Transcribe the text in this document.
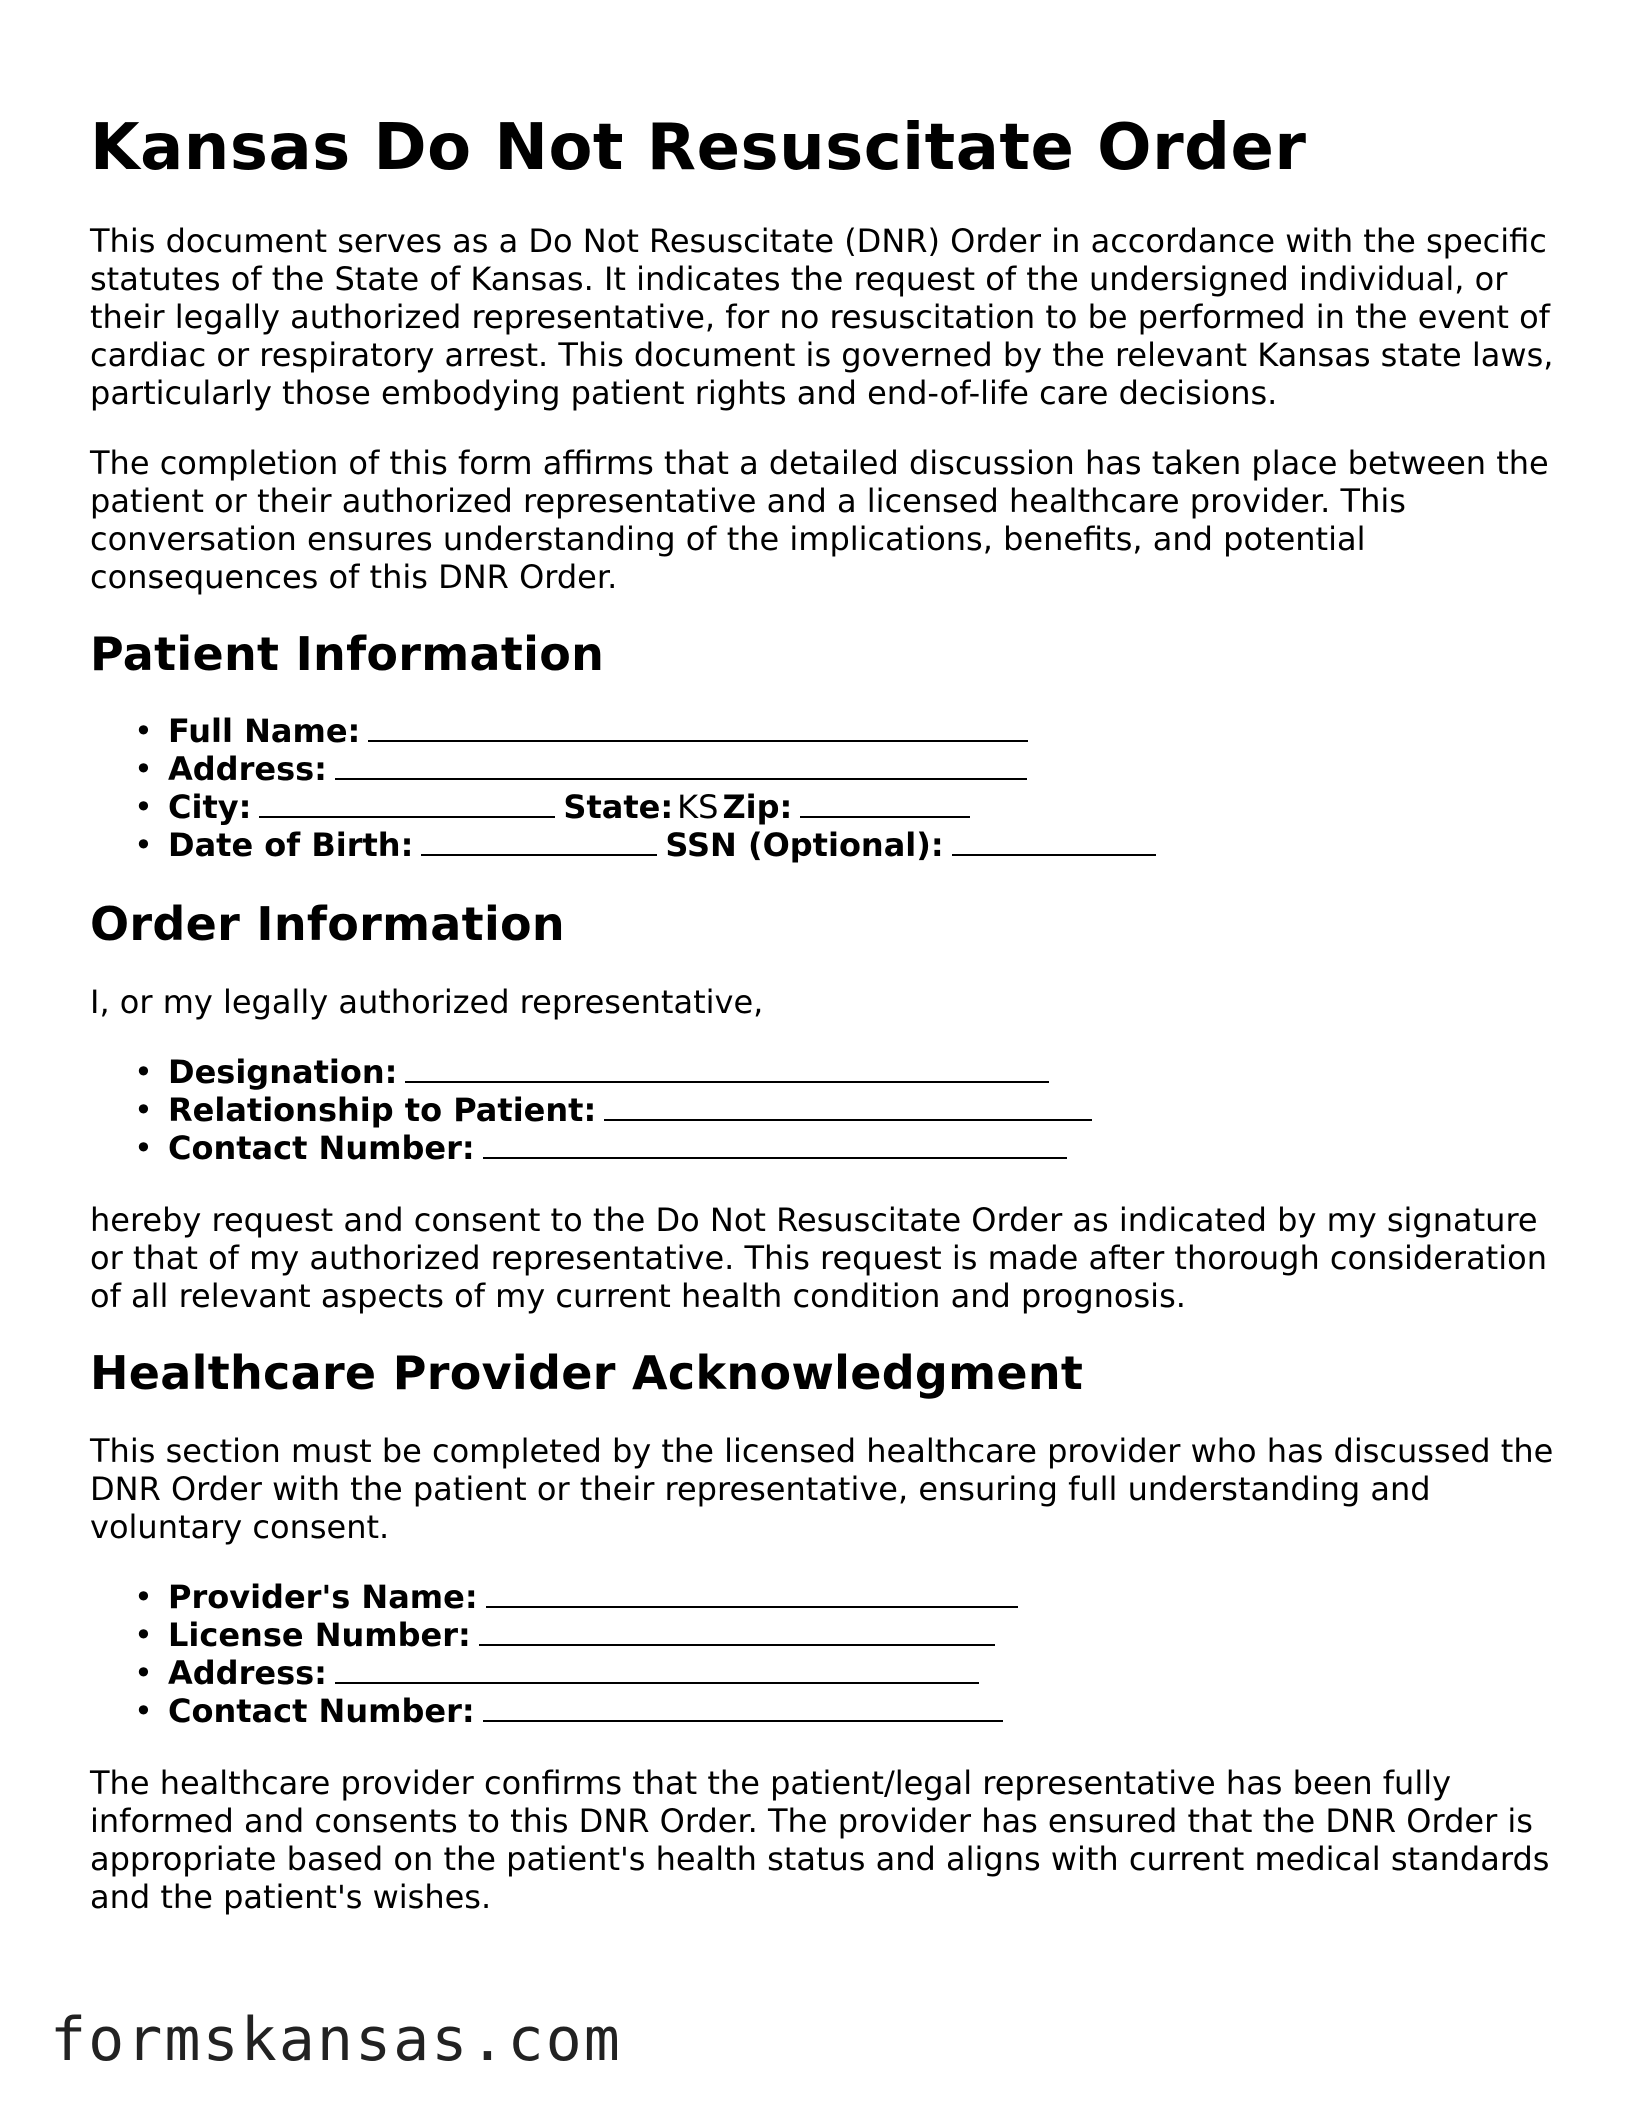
Kansas Do Not Resuscitate Order

This document serves as a Do Not Resuscitate (DNR) Order in accordance with the specific statutes of the State of Kansas. It indicates the request of the undersigned individual, or their legally authorized representative, for no resuscitation to be performed in the event of cardiac or respiratory arrest. This document is governed by the relevant Kansas state laws, particularly those embodying patient rights and end-of-life care decisions.

The completion of this form affirms that a detailed discussion has taken place between the patient or their authorized representative and a licensed healthcare provider. This conversation ensures understanding of the implications, benefits, and potential consequences of this DNR Order.

Patient Information
• Full Name:
• Address:
• City:	State: KS Zip:
• Date of Birth:	SSN (Optional):
Order Information

I, or my legally authorized representative,

• Designation:
• Relationship to Patient:
• Contact Number:

hereby request and consent to the Do Not Resuscitate Order as indicated by my signature or that of my authorized representative. This request is made after thorough consideration of all relevant aspects of my current health condition and prognosis.

Healthcare Provider Acknowledgment

This section must be completed by the licensed healthcare provider who has discussed the DNR Order with the patient or their representative, ensuring full understanding and voluntary consent.

• Provider's Name:
• License Number:
• Address:
• Contact Number:

The healthcare provider confirms that the patient/legal representative has been fully informed and consents to this DNR Order. The provider has ensured that the DNR Order is appropriate based on the patient's health status and aligns with current medical standards and the patient's wishes.

formskansas.com
